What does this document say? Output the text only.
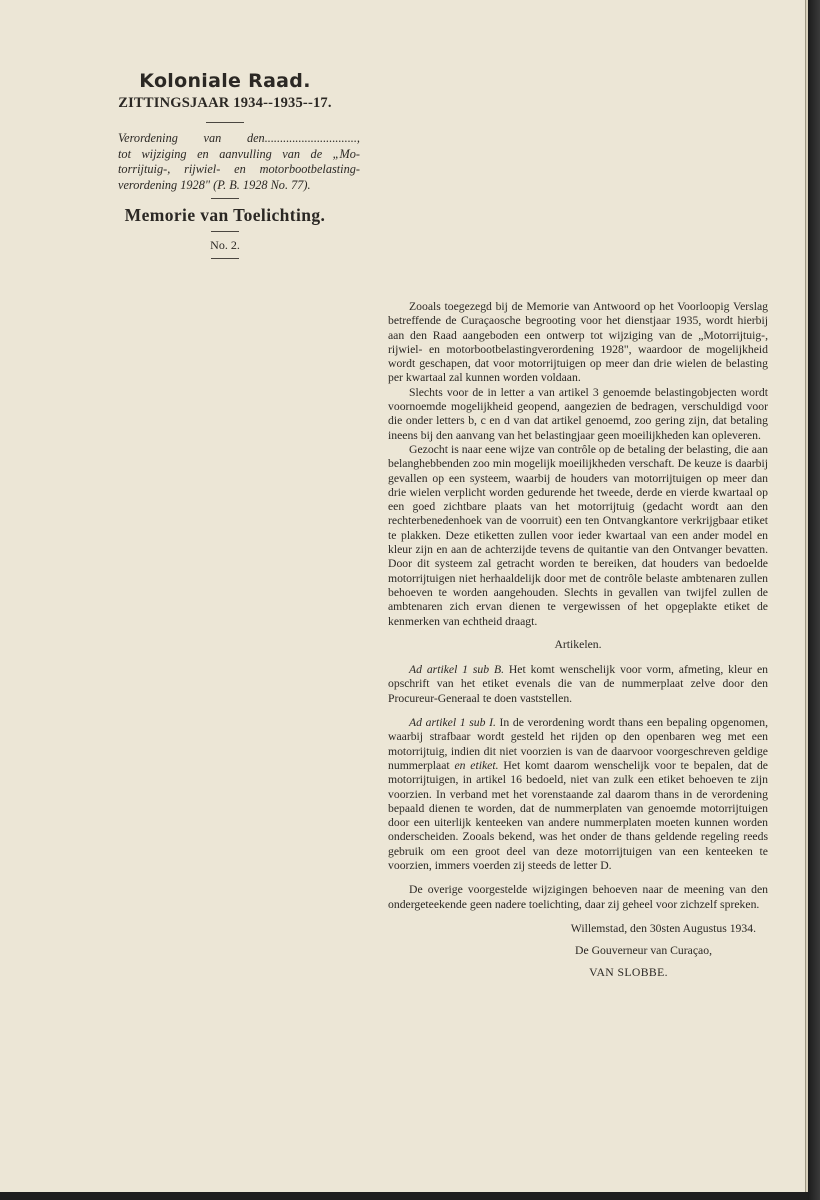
Koloniale Raad.
ZITTINGSJAAR 1934--1935--17.
Verordening van den..............................,
tot wijziging en aanvulling van de „Mo-
torrijtuig-, rijwiel- en motorbootbelasting-
verordening 1928" (P. B. 1928 No. 77).
Memorie van Toelichting.
No. 2.

Zooals toegezegd bij de Memorie van Antwoord op het Voorloopig Verslag betreffende de Curaçaosche begrooting voor het dienstjaar 1935, wordt hierbij aan den Raad aangeboden een ontwerp tot wijziging van de „Motorrijtuig-, rijwiel- en motorbootbelastingverordening 1928", waardoor de mogelijkheid wordt geschapen, dat voor motorrijtuigen op meer dan drie wielen de belasting per kwartaal zal kunnen worden voldaan.

Slechts voor de in letter a van artikel 3 genoemde belastingobjecten wordt voornoemde mogelijkheid geopend, aangezien de bedragen, verschuldigd voor die onder letters b, c en d van dat artikel genoemd, zoo gering zijn, dat betaling ineens bij den aanvang van het belastingjaar geen moeilijkheden kan opleveren.

Gezocht is naar eene wijze van contrôle op de betaling der belasting, die aan belanghebbenden zoo min mogelijk moeilijkheden verschaft. De keuze is daarbij gevallen op een systeem, waarbij de houders van motorrijtuigen op meer dan drie wielen verplicht worden gedurende het tweede, derde en vierde kwartaal op een goed zichtbare plaats van het motorrijtuig (gedacht wordt aan den rechterbenedenhoek van de voorruit) een ten Ontvangkantore verkrijgbaar etiket te plakken. Deze etiketten zullen voor ieder kwartaal van een ander model en kleur zijn en aan de achterzijde tevens de quitantie van den Ontvanger bevatten. Door dit systeem zal getracht worden te bereiken, dat houders van bedoelde motorrijtuigen niet herhaaldelijk door met de contrôle belaste ambtenaren zullen behoeven te worden aangehouden. Slechts in gevallen van twijfel zullen de ambtenaren zich ervan dienen te vergewissen of het opgeplakte etiket de kenmerken van echtheid draagt.

Artikelen.

Ad artikel 1 sub B. Het komt wenschelijk voor vorm, afmeting, kleur en opschrift van het etiket evenals die van de nummerplaat zelve door den Procureur-Generaal te doen vaststellen.

Ad artikel 1 sub I. In de verordening wordt thans een bepaling opgenomen, waarbij strafbaar wordt gesteld het rijden op den openbaren weg met een motorrijtuig, indien dit niet voorzien is van de daarvoor voorgeschreven geldige nummerplaat en etiket. Het komt daarom wenschelijk voor te bepalen, dat de motorrijtuigen, in artikel 16 bedoeld, niet van zulk een etiket behoeven te zijn voorzien. In verband met het vorenstaande zal daarom thans in de verordening bepaald dienen te worden, dat de nummerplaten van genoemde motorrijtuigen door een uiterlijk kenteeken van andere nummerplaten moeten kunnen worden onderscheiden. Zooals bekend, was het onder de thans geldende regeling reeds gebruik om een groot deel van deze motorrijtuigen van een kenteeken te voorzien, immers voerden zij steeds de letter D.

De overige voorgestelde wijzigingen behoeven naar de meening van den ondergeteekende geen nadere toelichting, daar zij geheel voor zichzelf spreken.

Willemstad, den 30sten Augustus 1934.

De Gouverneur van Curaçao,

VAN SLOBBE.
